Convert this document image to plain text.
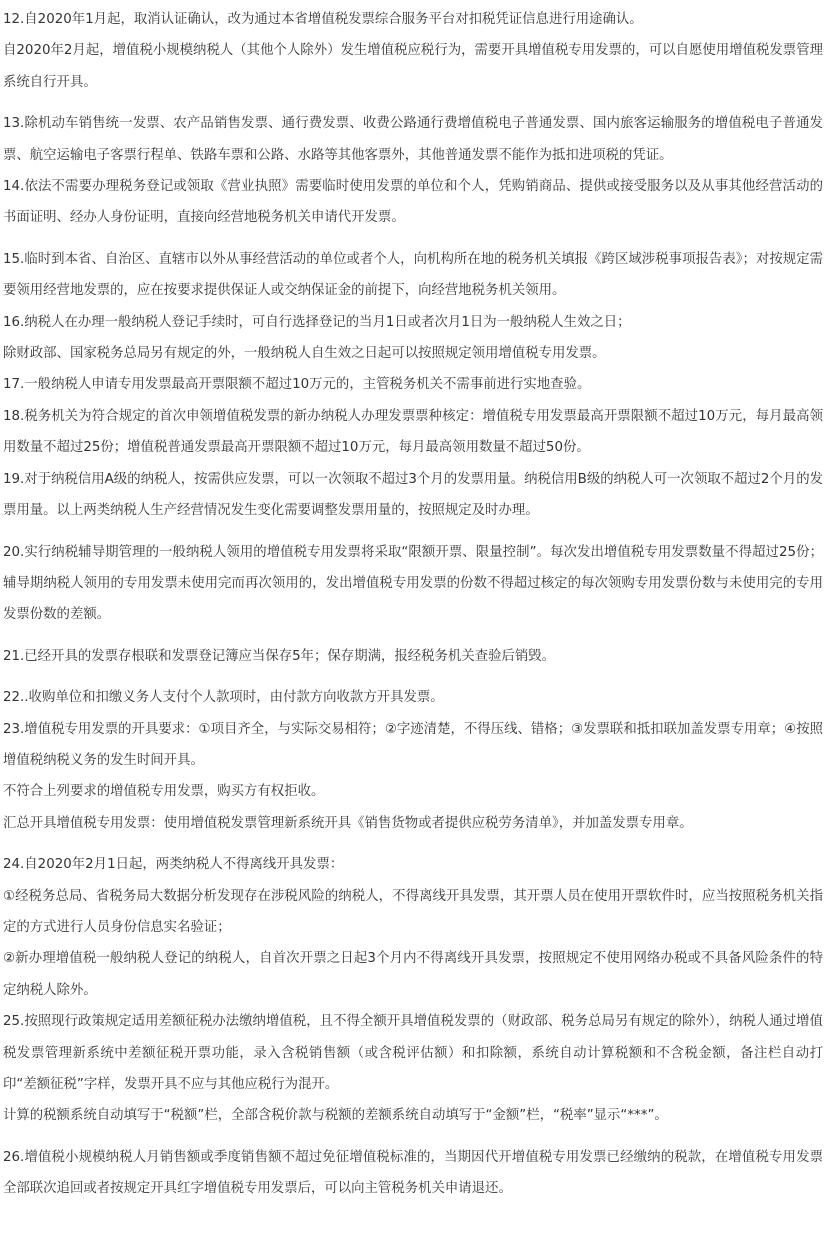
12.自2020年1月起，取消认证确认，改为通过本省增值税发票综合服务平台对扣税凭证信息进行用途确认。

自2020年2月起，增值税小规模纳税人（其他个人除外）发生增值税应税行为，需要开具增值税专用发票的，可以自愿使用增值税发票管理系统自行开具。

13.除机动车销售统一发票、农产品销售发票、通行费发票、收费公路通行费增值税电子普通发票、国内旅客运输服务的增值税电子普通发票、航空运输电子客票行程单、铁路车票和公路、水路等其他客票外，其他普通发票不能作为抵扣进项税的凭证。

14.依法不需要办理税务登记或领取《营业执照》需要临时使用发票的单位和个人，凭购销商品、提供或接受服务以及从事其他经营活动的书面证明、经办人身份证明，直接向经营地税务机关申请代开发票。

15.临时到本省、自治区、直辖市以外从事经营活动的单位或者个人，向机构所在地的税务机关填报《跨区域涉税事项报告表》；对按规定需要领用经营地发票的，应在按要求提供保证人或交纳保证金的前提下，向经营地税务机关领用。

16.纳税人在办理一般纳税人登记手续时，可自行选择登记的当月1日或者次月1日为一般纳税人生效之日；

除财政部、国家税务总局另有规定的外，一般纳税人自生效之日起可以按照规定领用增值税专用发票。

17.一般纳税人申请专用发票最高开票限额不超过10万元的，主管税务机关不需事前进行实地查验。

18.税务机关为符合规定的首次申领增值税发票的新办纳税人办理发票票种核定：增值税专用发票最高开票限额不超过10万元，每月最高领用数量不超过25份；增值税普通发票最高开票限额不超过10万元，每月最高领用数量不超过50份。

19.对于纳税信用A级的纳税人，按需供应发票，可以一次领取不超过3个月的发票用量。纳税信用B级的纳税人可一次领取不超过2个月的发票用量。以上两类纳税人生产经营情况发生变化需要调整发票用量的，按照规定及时办理。

20.实行纳税辅导期管理的一般纳税人领用的增值税专用发票将采取“限额开票、限量控制”。每次发出增值税专用发票数量不得超过25份；辅导期纳税人领用的专用发票未使用完而再次领用的，发出增值税专用发票的份数不得超过核定的每次领购专用发票份数与未使用完的专用发票份数的差额。

21.已经开具的发票存根联和发票登记簿应当保存5年；保存期满，报经税务机关查验后销毁。

22..收购单位和扣缴义务人支付个人款项时，由付款方向收款方开具发票。

23.增值税专用发票的开具要求：①项目齐全，与实际交易相符；②字迹清楚，不得压线、错格；③发票联和抵扣联加盖发票专用章；④按照增值税纳税义务的发生时间开具。

不符合上列要求的增值税专用发票，购买方有权拒收。

汇总开具增值税专用发票：使用增值税发票管理新系统开具《销售货物或者提供应税劳务清单》，并加盖发票专用章。

24.自2020年2月1日起，两类纳税人不得离线开具发票：

①经税务总局、省税务局大数据分析发现存在涉税风险的纳税人，不得离线开具发票，其开票人员在使用开票软件时，应当按照税务机关指定的方式进行人员身份信息实名验证；

②新办理增值税一般纳税人登记的纳税人，自首次开票之日起3个月内不得离线开具发票，按照规定不使用网络办税或不具备风险条件的特定纳税人除外。

25.按照现行政策规定适用差额征税办法缴纳增值税，且不得全额开具增值税发票的（财政部、税务总局另有规定的除外），纳税人通过增值税发票管理新系统中差额征税开票功能，录入含税销售额（或含税评估额）和扣除额，系统自动计算税额和不含税金额，备注栏自动打印“差额征税”字样，发票开具不应与其他应税行为混开。

计算的税额系统自动填写于“税额”栏，全部含税价款与税额的差额系统自动填写于“金额”栏，“税率”显示“***”。

26.增值税小规模纳税人月销售额或季度销售额不超过免征增值税标准的，当期因代开增值税专用发票已经缴纳的税款，在增值税专用发票全部联次追回或者按规定开具红字增值税专用发票后，可以向主管税务机关申请退还。
